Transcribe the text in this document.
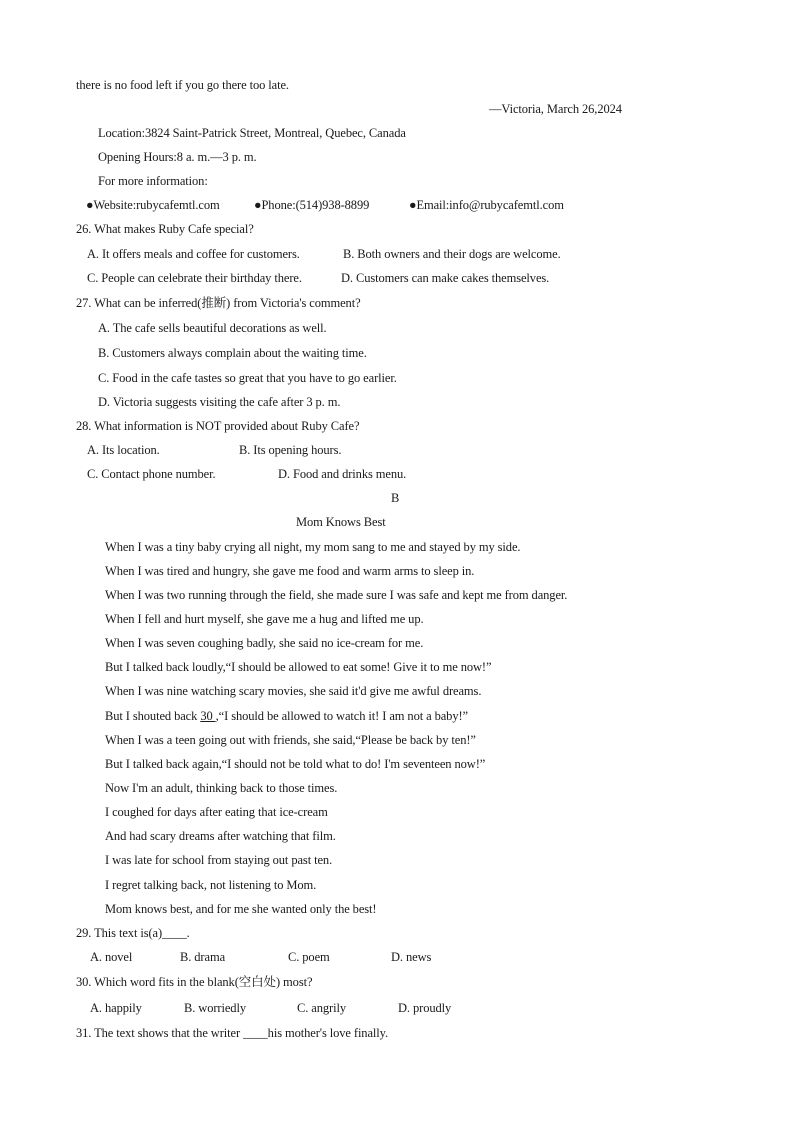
there is no food left if you go there too late.
—Victoria, March 26,2024
Location:3824 Saint-Patrick Street, Montreal, Quebec, Canada
Opening Hours:8 a. m.—3 p. m.
For more information:
●Website:rubycafemtl.com	●Phone:(514)938-8899	●Email:info@rubycafemtl.com
26. What makes Ruby Cafe special?
A. It offers meals and coffee for customers.	B. Both owners and their dogs are welcome.
C. People can celebrate their birthday there.	D. Customers can make cakes themselves.
27. What can be inferred(推断) from Victoria's comment?
A. The cafe sells beautiful decorations as well.
B. Customers always complain about the waiting time.
C. Food in the cafe tastes so great that you have to go earlier.
D. Victoria suggests visiting the cafe after 3 p. m.
28. What information is NOT provided about Ruby Cafe?
A. Its location.	B. Its opening hours.
C. Contact phone number.	D. Food and drinks menu.
B
Mom Knows Best
When I was a tiny baby crying all night, my mom sang to me and stayed by my side.
When I was tired and hungry, she gave me food and warm arms to sleep in.
When I was two running through the field, she made sure I was safe and kept me from danger.
When I fell and hurt myself, she gave me a hug and lifted me up.
When I was seven coughing badly, she said no ice-cream for me.
But I talked back loudly,“I should be allowed to eat some! Give it to me now!”
When I was nine watching scary movies, she said it'd give me awful dreams.
But I shouted back 30 ,“I should be allowed to watch it! I am not a baby!”
When I was a teen going out with friends, she said,“Please be back by ten!”
But I talked back again,“I should not be told what to do! I'm seventeen now!”
Now I'm an adult, thinking back to those times.
I coughed for days after eating that ice-cream
And had scary dreams after watching that film.
I was late for school from staying out past ten.
I regret talking back, not listening to Mom.
Mom knows best, and for me she wanted only the best!
29. This text is(a)____.
A. novel	B. drama	C. poem	D. news
30. Which word fits in the blank(空白处) most?
A. happily	B. worriedly	C. angrily	D. proudly
31. The text shows that the writer ____his mother's love finally.
